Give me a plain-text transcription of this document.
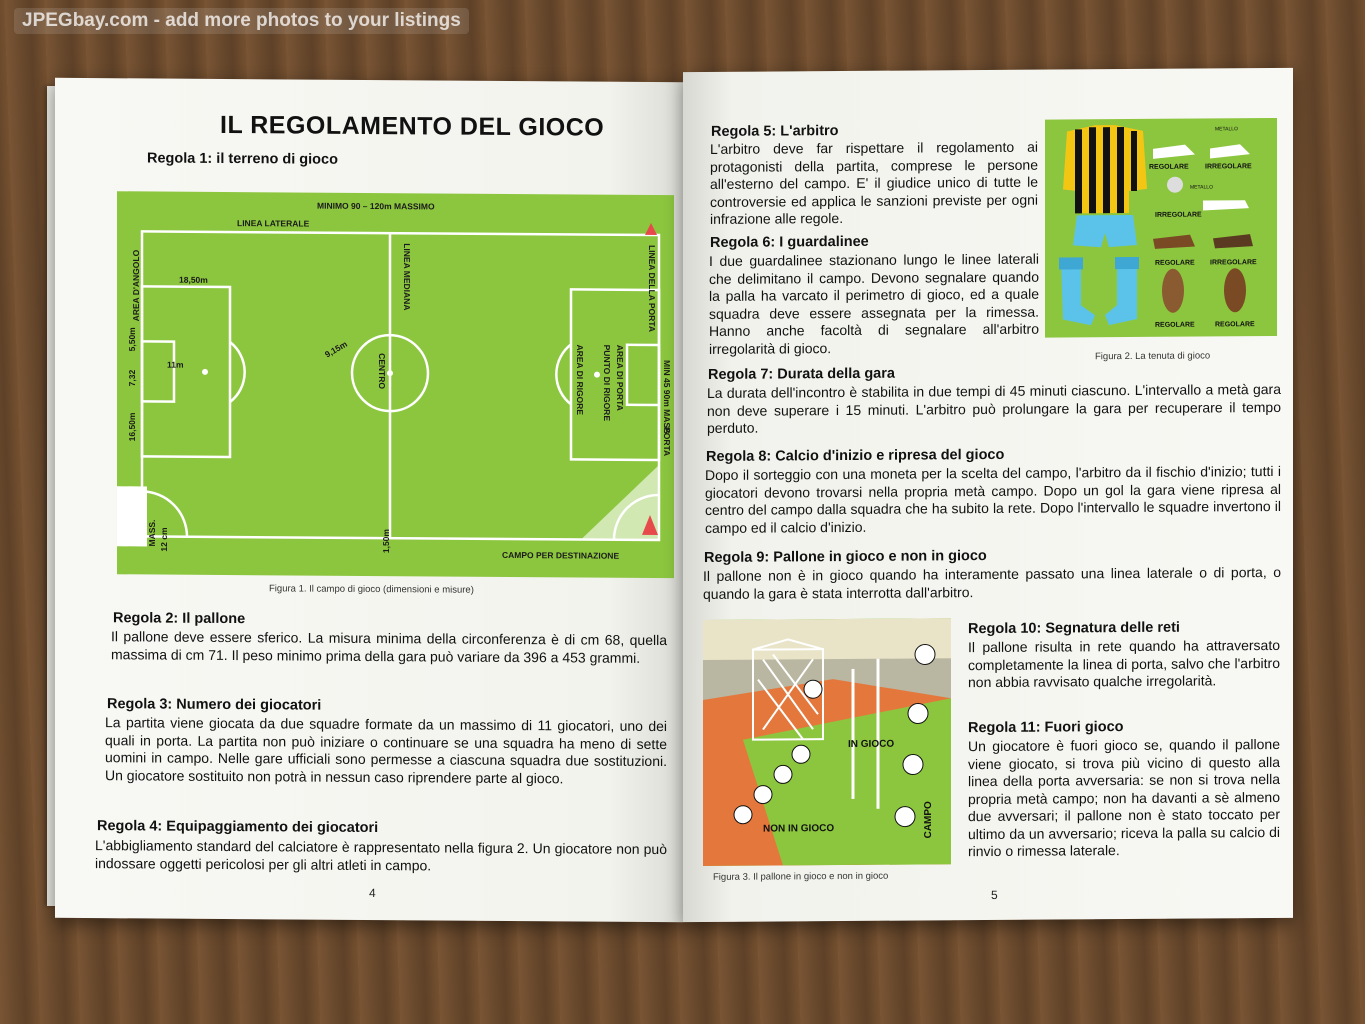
JPEGbay.com - add more photos to your listings
IL REGOLAMENTO DEL GIOCO
Regola 1: il terreno di gioco
MINIMO 90 – 120m MASSIMO
LINEA LATERALE
CAMPO PER DESTINAZIONE
18,50m
11m
9,15m
5,50m
7,32
16,50m
1,50m
12 cm
MASS.
AREA D'ANGOLO	LINEA MEDIANA
CENTRO	AREA DI RIGORE PUNTO DI RIGORE AREA DI PORTA
LINEA DELLA PORTA
MIN 45 90m MASS
PORTA
Figura 1. Il campo di gioco (dimensioni e misure)
Regola 2: Il pallone
Il pallone deve essere sferico. La misura minima della circonferenza è di cm 68, quella massima di cm 71. Il peso minimo prima della gara può variare da 396 a 453 grammi.
Regola 3: Numero dei giocatori
La partita viene giocata da due squadre formate da un massimo di 11 giocatori, uno dei quali in porta. La partita non può iniziare o continuare se una squadra ha meno di sette uomini in campo. Nelle gare ufficiali sono permesse a ciascuna squadra due sostituzioni. Un giocatore sostituito non potrà in nessun caso riprendere parte al gioco.
Regola 4: Equipaggiamento dei giocatori
L'abbigliamento standard del calciatore è rappresentato nella figura 2. Un giocatore non può indossare oggetti pericolosi per gli altri atleti in campo.
4
Regola 5: L'arbitro
L'arbitro deve far rispettare il regolamento ai protagonisti della partita, comprese le persone all'esterno del campo. E' il giudice unico di tutte le controversie ed applica le sanzioni previste per ogni infrazione alle regole.
Regola 6: I guardalinee
I due guardalinee stazionano lungo le linee laterali che delimitano il campo. Devono segnalare quando la palla ha varcato il perimetro di gioco, ed a quale squadra deve essere assegnata per la rimessa. Hanno anche facoltà di segnalare all'arbitro irregolarità di gioco.
REGOLARE IRREGOLARE
IRREGOLARE
REGOLARE IRREGOLARE
REGOLARE	REGOLARE
METALLO
METALLO
Figura 2. La tenuta di gioco
Regola 7: Durata della gara
La durata dell'incontro è stabilita in due tempi di 45 minuti ciascuno. L'intervallo a metà gara non deve superare i 15 minuti. L'arbitro può prolungare la gara per recuperare il tempo perduto.
Regola 8: Calcio d'inizio e ripresa del gioco
Dopo il sorteggio con una moneta per la scelta del campo, l'arbitro da il fischio d'inizio; tutti i giocatori devono trovarsi nella propria metà campo. Dopo un gol la gara viene ripresa al centro del campo dalla squadra che ha subito la rete. Dopo l'intervallo le squadre invertono il campo ed il calcio d'inizio.
Regola 9: Pallone in gioco e non in gioco
Il pallone non è in gioco quando ha interamente passato una linea laterale o di porta, o quando la gara è stata interrotta dall'arbitro.
IN GIOCO
NON IN GIOCO	CAMPO
Figura 3. Il pallone in gioco e non in gioco
Regola 10: Segnatura delle reti
Il pallone risulta in rete quando ha attraversato completamente la linea di porta, salvo che l'arbitro non abbia ravvisato qualche irregolarità.
Regola 11: Fuori gioco
Un giocatore è fuori gioco se, quando il pallone viene giocato, si trova più vicino di questo alla linea della porta avversaria: se non si trova nella propria metà campo; non ha davanti a sè almeno due avversari; il pallone non è stato toccato per ultimo da un avversario; riceva la palla su calcio di rinvio o rimessa laterale.
5
